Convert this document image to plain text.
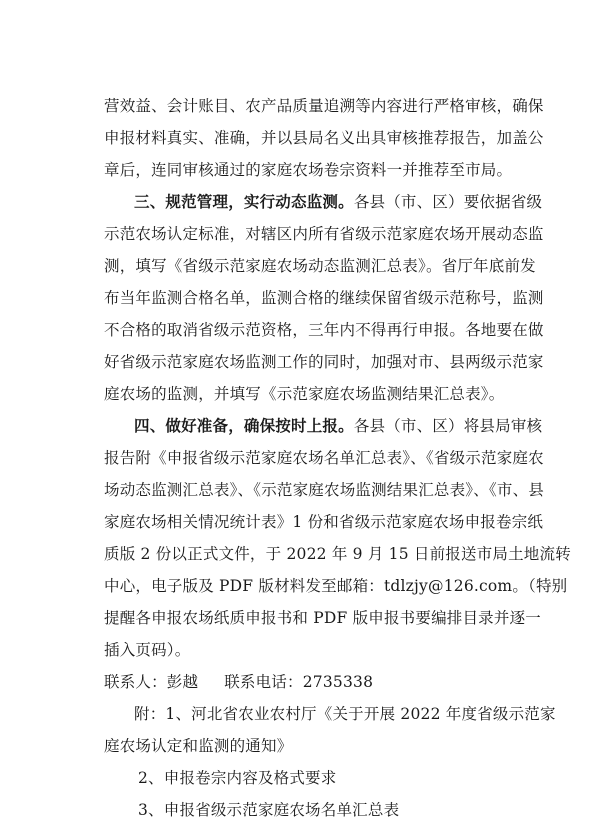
营效益、会计账目、农产品质量追溯等内容进行严格审核，确保
申报材料真实、准确，并以县局名义出具审核推荐报告，加盖公
章后，连同审核通过的家庭农场卷宗资料一并推荐至市局。
三、规范管理，实行动态监测。各县（市、区）要依据省级
示范农场认定标准，对辖区内所有省级示范家庭农场开展动态监
测，填写《省级示范家庭农场动态监测汇总表》。省厅年底前发
布当年监测合格名单，监测合格的继续保留省级示范称号，监测
不合格的取消省级示范资格，三年内不得再行申报。各地要在做
好省级示范家庭农场监测工作的同时，加强对市、县两级示范家
庭农场的监测，并填写《示范家庭农场监测结果汇总表》。
四、做好准备，确保按时上报。各县（市、区）将县局审核
报告附《申报省级示范家庭农场名单汇总表》、《省级示范家庭农
场动态监测汇总表》、《示范家庭农场监测结果汇总表》、《市、县
家庭农场相关情况统计表》1 份和省级示范家庭农场申报卷宗纸
质版 2 份以正式文件，于 2022 年 9 月 15 日前报送市局土地流转
中心，电子版及 PDF 版材料发至邮箱：tdlzjy@126.com。（特别
提醒各申报农场纸质申报书和 PDF 版申报书要编排目录并逐一
插入页码）。
联系人：彭越 联系电话：2735338
附：1、河北省农业农村厅《关于开展 2022 年度省级示范家
庭农场认定和监测的通知》
2、申报卷宗内容及格式要求
3、申报省级示范家庭农场名单汇总表
